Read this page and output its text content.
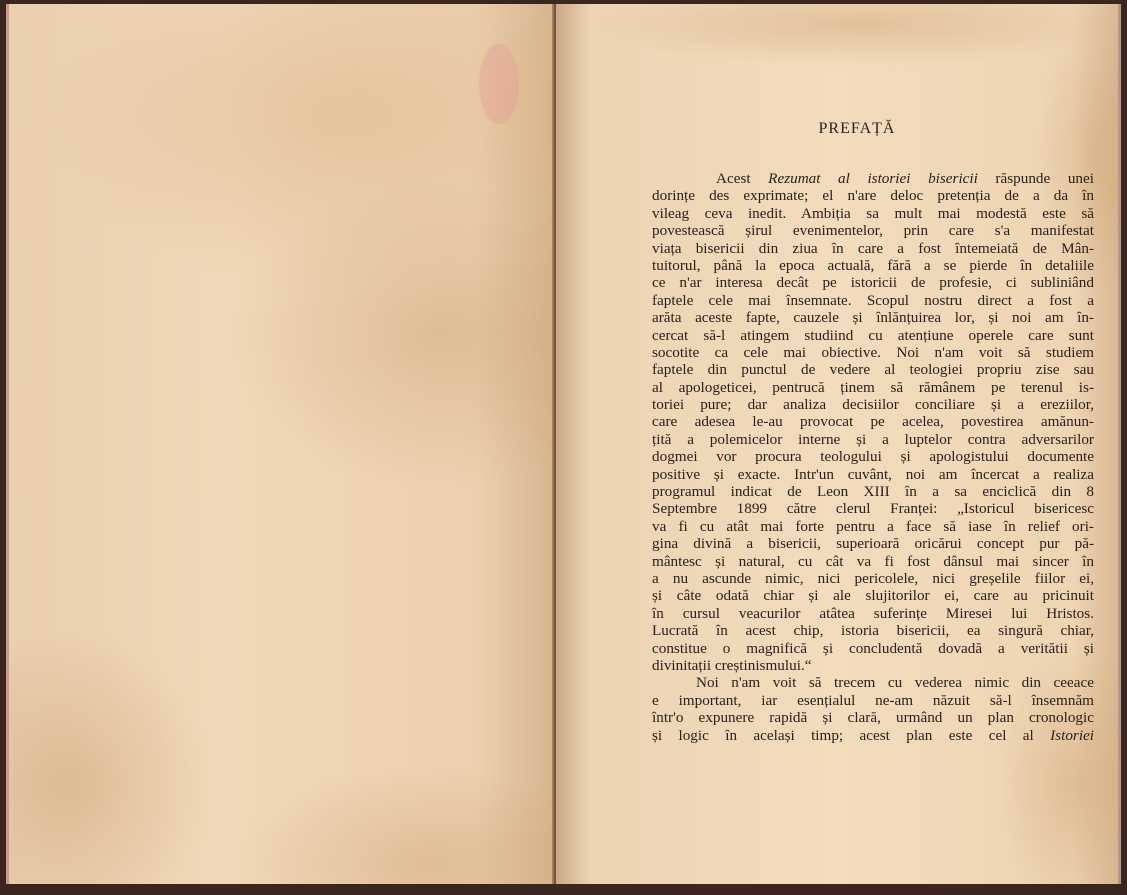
PREFAȚĂ
Acest Rezumat al istoriei bisericii răspunde unei
dorințe des exprimate; el n'are deloc pretenția de a da în
vileag ceva inedit. Ambiția sa mult mai modestă este să
povestească șirul evenimentelor, prin care s'a manifestat
viața bisericii din ziua în care a fost întemeiată de Mân-
tuitorul, până la epoca actuală, fără a se pierde în detaliile
ce n'ar interesa decât pe istoricii de profesie, ci subliniând
faptele cele mai însemnate. Scopul nostru direct a fost a
arăta aceste fapte, cauzele și înlănțuirea lor, și noi am în-
cercat să-l atingem studiind cu atențiune operele care sunt
socotite ca cele mai obiective. Noi n'am voit să studiem
faptele din punctul de vedere al teologiei propriu zise sau
al apologeticei, pentrucă ținem să rămânem pe terenul is-
toriei pure; dar analiza decisiilor conciliare și a ereziilor,
care adesea le-au provocat pe acelea, povestirea amănun-
țită a polemicelor interne și a luptelor contra adversarilor
dogmei vor procura teologului și apologistului documente
positive și exacte. Intr'un cuvânt, noi am încercat a realiza
programul indicat de Leon XIII în a sa enciclică din 8
Septembre 1899 către clerul Franței: „Istoricul bisericesc
va fi cu atât mai forte pentru a face să iase în relief ori-
gina divină a bisericii, superioară oricărui concept pur pă-
mântesc și natural, cu cât va fi fost dânsul mai sincer în
a nu ascunde nimic, nici pericolele, nici greșelile fiilor ei,
și câte odată chiar și ale slujitorilor ei, care au pricinuit
în cursul veacurilor atâtea suferințe Miresei lui Hristos.
Lucrată în acest chip, istoria bisericii, ea singură chiar,
constitue o magnifică și concludentă dovadă a veritătii și
divinitații creștinismului.“
Noi n'am voit să trecem cu vederea nimic din ceeace
e important, iar esențialul ne-am năzuit să-l însemnăm
într'o expunere rapidă și clară, urmând un plan cronologic
și logic în același timp; acest plan este cel al Istoriei
